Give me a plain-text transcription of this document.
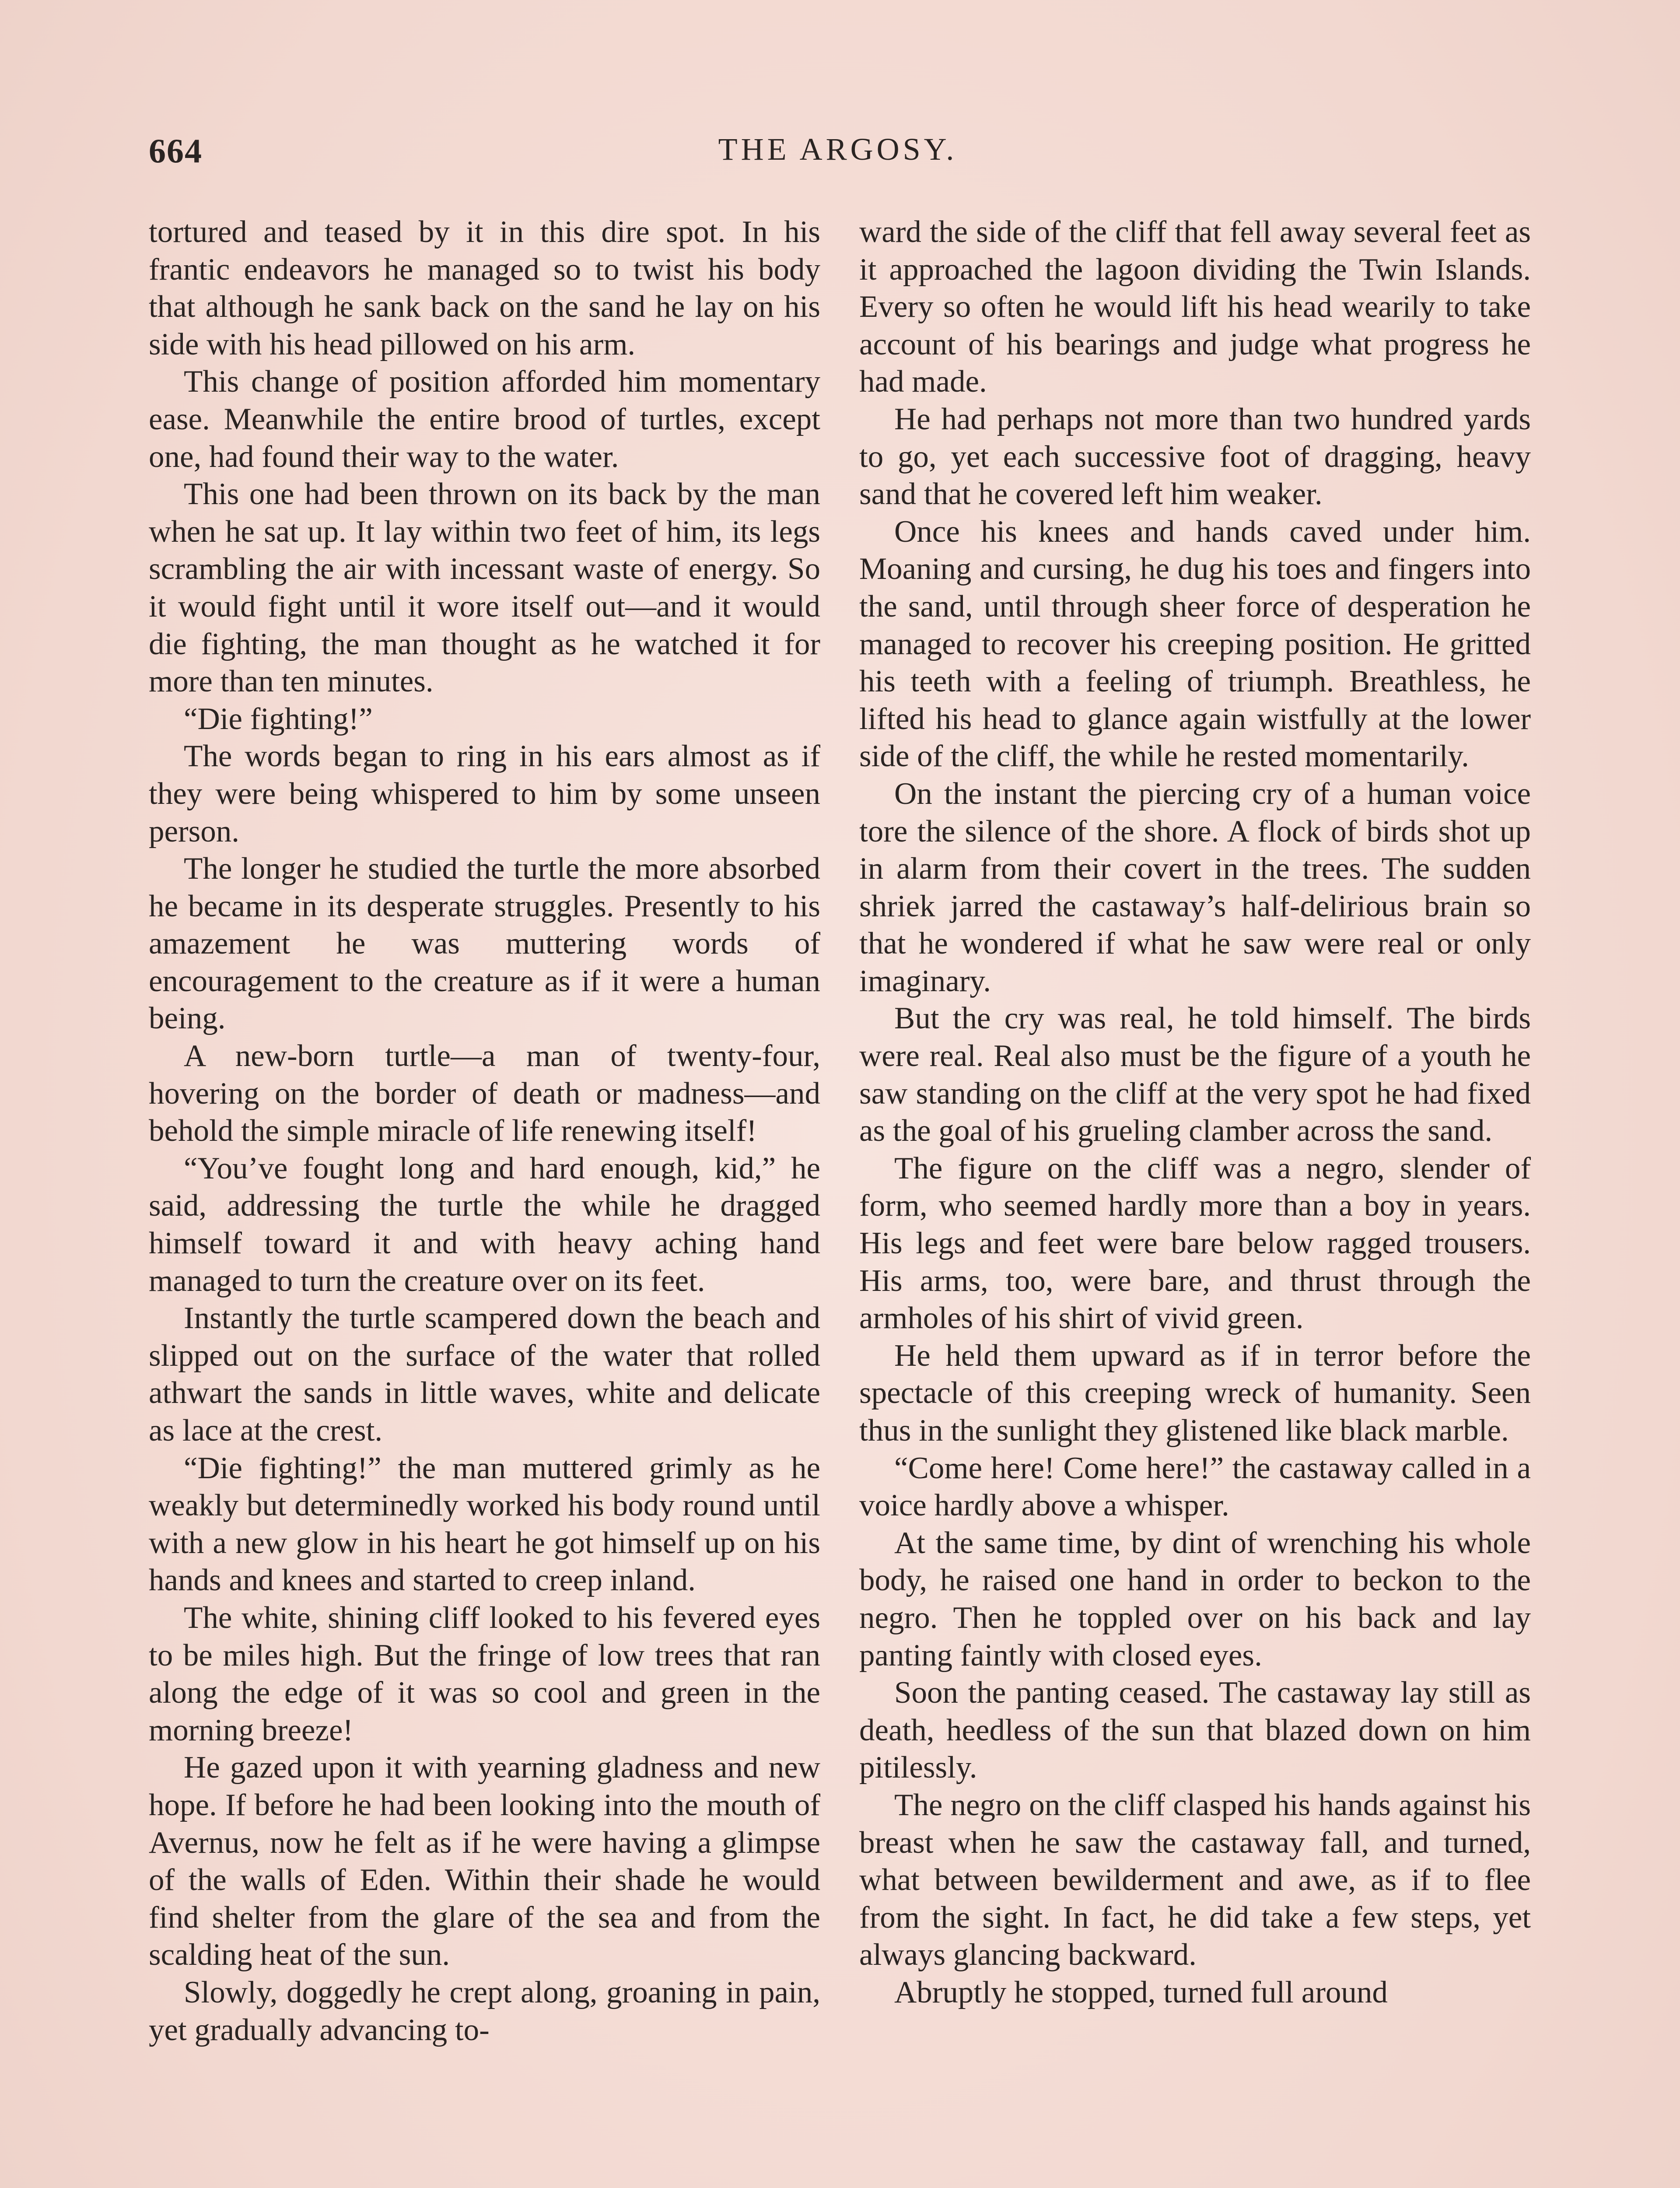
664	THE ARGOSY.

tortured and teased by it in this dire spot. In his frantic endeavors he managed so to twist his body that although he sank back on the sand he lay on his side with his head pillowed on his arm.

This change of position afforded him momentary ease. Meanwhile the entire brood of turtles, except one, had found their way to the water.

This one had been thrown on its back by the man when he sat up. It lay within two feet of him, its legs scrambling the air with incessant waste of energy. So it would fight until it wore itself out—and it would die fighting, the man thought as he watched it for more than ten minutes.

“Die fighting!”

The words began to ring in his ears almost as if they were being whispered to him by some unseen person.

The longer he studied the turtle the more absorbed he became in its desperate struggles. Presently to his amazement he was muttering words of encouragement to the creature as if it were a human being.

A new-born turtle—a man of twenty-four, hovering on the border of death or madness—and behold the simple miracle of life renewing itself!

“You’ve fought long and hard enough, kid,” he said, addressing the turtle the while he dragged himself toward it and with heavy aching hand managed to turn the creature over on its feet.

Instantly the turtle scampered down the beach and slipped out on the surface of the water that rolled athwart the sands in little waves, white and delicate as lace at the crest.

“Die fighting!” the man muttered grimly as he weakly but determinedly worked his body round until with a new glow in his heart he got himself up on his hands and knees and started to creep inland.

The white, shining cliff looked to his fevered eyes to be miles high. But the fringe of low trees that ran along the edge of it was so cool and green in the morning breeze!

He gazed upon it with yearning gladness and new hope. If before he had been looking into the mouth of Avernus, now he felt as if he were having a glimpse of the walls of Eden. Within their shade he would find shelter from the glare of the sea and from the scalding heat of the sun.

Slowly, doggedly he crept along, groaning in pain, yet gradually advancing to-

ward the side of the cliff that fell away several feet as it approached the lagoon dividing the Twin Islands. Every so often he would lift his head wearily to take account of his bearings and judge what progress he had made.

He had perhaps not more than two hundred yards to go, yet each successive foot of dragging, heavy sand that he covered left him weaker.

Once his knees and hands caved under him. Moaning and cursing, he dug his toes and fingers into the sand, until through sheer force of desperation he managed to recover his creeping position. He gritted his teeth with a feeling of triumph. Breathless, he lifted his head to glance again wistfully at the lower side of the cliff, the while he rested momentarily.

On the instant the piercing cry of a human voice tore the silence of the shore. A flock of birds shot up in alarm from their covert in the trees. The sudden shriek jarred the castaway’s half-delirious brain so that he wondered if what he saw were real or only imaginary.

But the cry was real, he told himself. The birds were real. Real also must be the figure of a youth he saw standing on the cliff at the very spot he had fixed as the goal of his grueling clamber across the sand.

The figure on the cliff was a negro, slender of form, who seemed hardly more than a boy in years. His legs and feet were bare below ragged trousers. His arms, too, were bare, and thrust through the armholes of his shirt of vivid green.

He held them upward as if in terror before the spectacle of this creeping wreck of humanity. Seen thus in the sunlight they glistened like black marble.

“Come here! Come here!” the castaway called in a voice hardly above a whisper.

At the same time, by dint of wrenching his whole body, he raised one hand in order to beckon to the negro. Then he toppled over on his back and lay panting faintly with closed eyes.

Soon the panting ceased. The castaway lay still as death, heedless of the sun that blazed down on him pitilessly.

The negro on the cliff clasped his hands against his breast when he saw the castaway fall, and turned, what between bewilderment and awe, as if to flee from the sight. In fact, he did take a few steps, yet always glancing backward.

Abruptly he stopped, turned full around
